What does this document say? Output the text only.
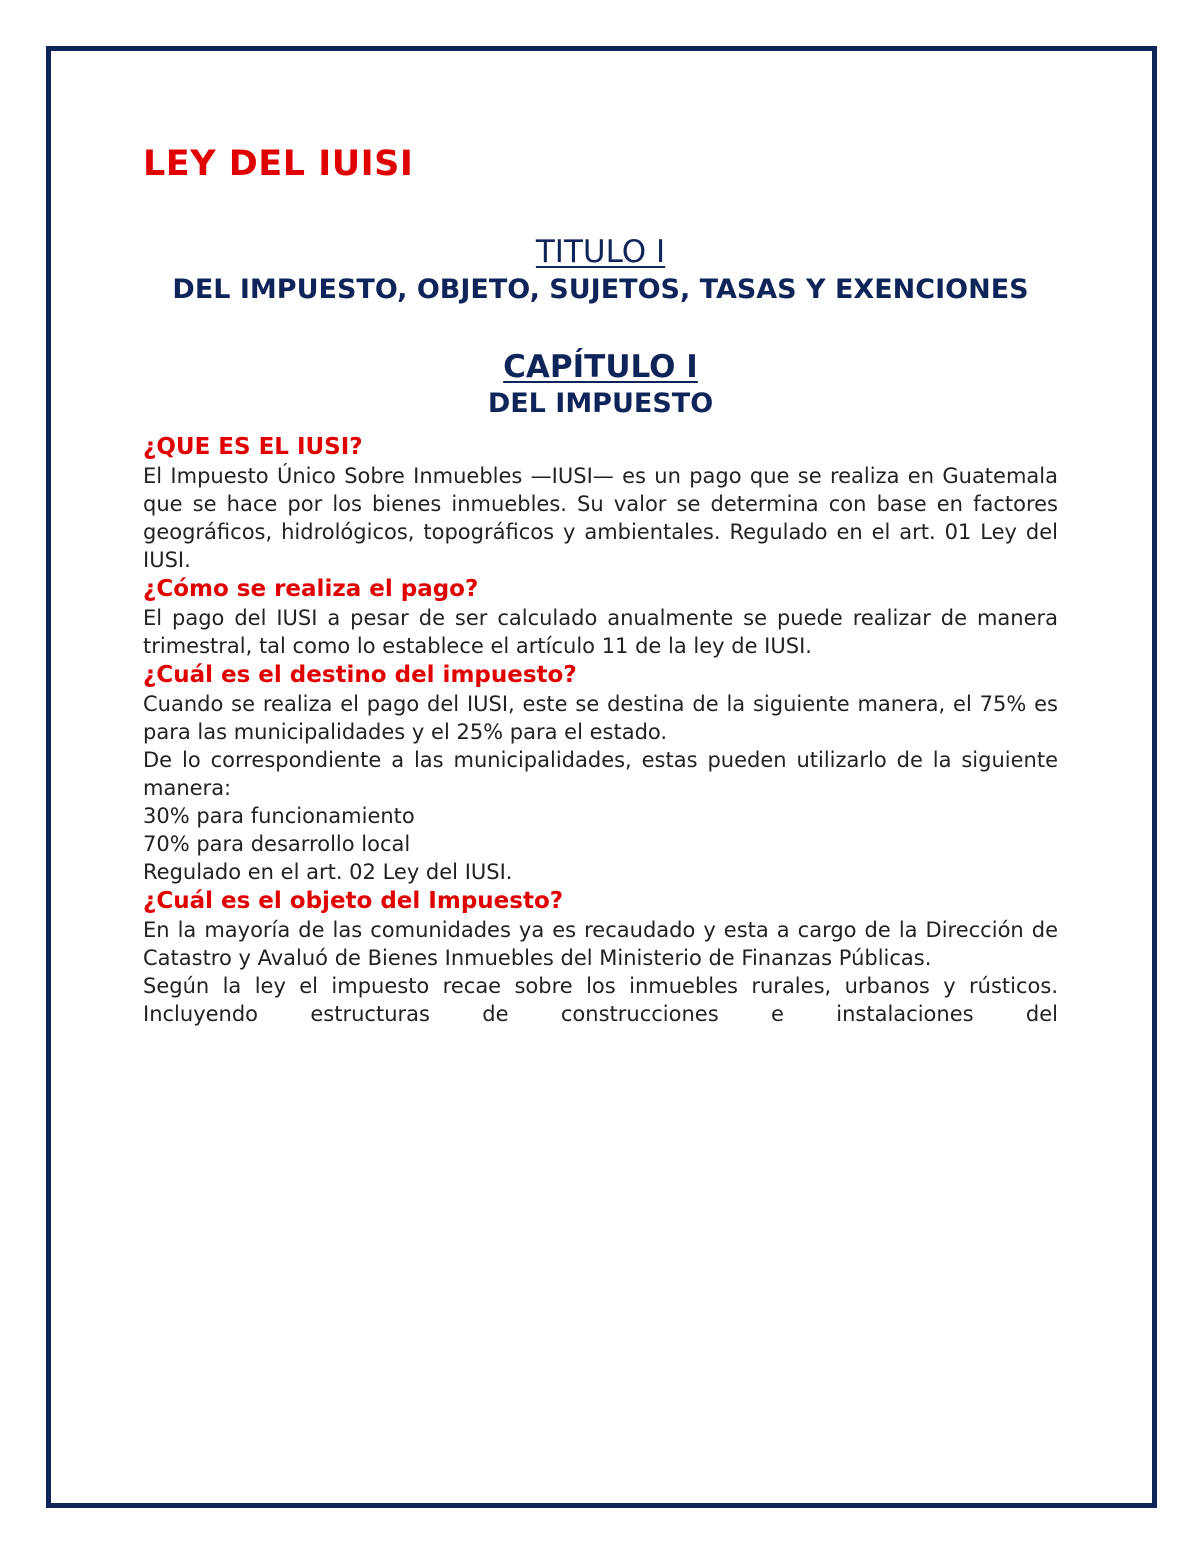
LEY DEL IUISI
TITULO I
DEL IMPUESTO, OBJETO, SUJETOS, TASAS Y EXENCIONES
CAPÍTULO I
DEL IMPUESTO
¿QUE ES EL IUSI?

El Impuesto Único Sobre Inmuebles —IUSI— es un pago que se realiza en Guatemala que se hace por los bienes inmuebles. Su valor se determina con base en factores geográficos, hidrológicos, topográficos y ambientales. Regulado en el art. 01 Ley del IUSI.

¿Cómo se realiza el pago?

El pago del IUSI a pesar de ser calculado anualmente se puede realizar de manera trimestral, tal como lo establece el artículo 11 de la ley de IUSI.

¿Cuál es el destino del impuesto?

Cuando se realiza el pago del IUSI, este se destina de la siguiente manera, el 75% es para las municipalidades y el 25% para el estado.

De lo correspondiente a las municipalidades, estas pueden utilizarlo de la siguiente manera:

30% para funcionamiento

70% para desarrollo local

Regulado en el art. 02 Ley del IUSI.

¿Cuál es el objeto del Impuesto?

En la mayoría de las comunidades ya es recaudado y esta a cargo de la Dirección de Catastro y Avaluó de Bienes Inmuebles del Ministerio de Finanzas Públicas.

Según la ley el impuesto recae sobre los inmuebles rurales, urbanos y rústicos. Incluyendo estructuras de construcciones e instalaciones del
